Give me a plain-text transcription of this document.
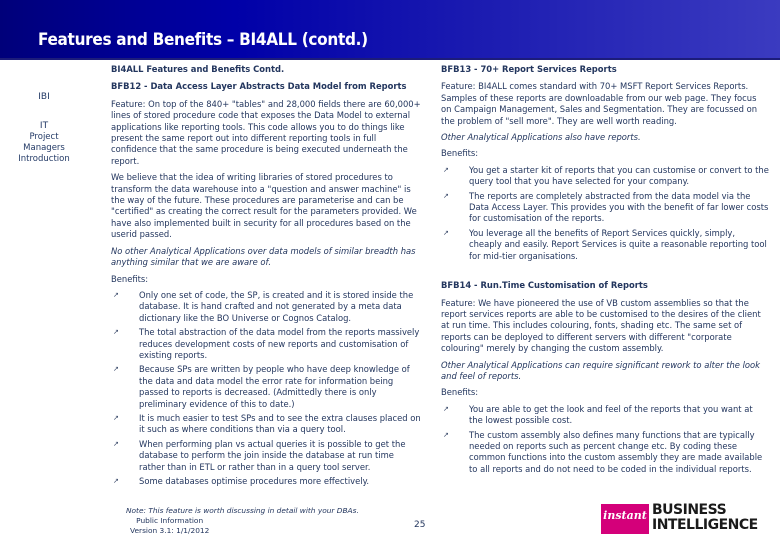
Features and Benefits – BI4ALL (contd.)
IBI
IT
Project
Managers
Introduction
BI4ALL Features and Benefits Contd.
BFB12 - Data Access Layer Abstracts Data Model from Reports
Feature: On top of the 840+ "tables" and 28,000 fields there are 60,000+ lines of stored procedure code that exposes the Data Model to external applications like reporting tools. This code allows you to do things like present the same report out into different reporting tools in full confidence that the same procedure is being executed underneath the report.
We believe that the idea of writing libraries of stored procedures to transform the data warehouse into a "question and answer machine" is the way of the future. These procedures are parameterise and can be "certified" as creating the correct result for the parameters provided. We have also implemented built in security for all procedures based on the userid passed.
No other Analytical Applications over data models of similar breadth has anything similar that we are aware of.
Benefits:
↗ Only one set of code, the SP, is created and it is stored inside the database. It is hand crafted and not generated by a meta data dictionary like the BO Universe or Cognos Catalog.
↗ The total abstraction of the data model from the reports massively reduces development costs of new reports and customisation of existing reports.
↗ Because SPs are written by people who have deep knowledge of the data and data model the error rate for information being passed to reports is decreased. (Admittedly there is only preliminary evidence of this to date.)
↗ It is much easier to test SPs and to see the extra clauses placed on it such as where conditions than via a query tool.
↗ When performing plan vs actual queries it is possible to get the database to perform the join inside the database at run time rather than in ETL or rather than in a query tool server.
↗ Some databases optimise procedures more effectively.
BFB13 - 70+ Report Services Reports
Feature: BI4ALL comes standard with 70+ MSFT Report Services Reports. Samples of these reports are downloadable from our web page. They focus on Campaign Management, Sales and Segmentation. They are focussed on the problem of "sell more". They are well worth reading.
Other Analytical Applications also have reports.
Benefits:
↗ You get a starter kit of reports that you can customise or convert to the query tool that you have selected for your company.
↗ The reports are completely abstracted from the data model via the Data Access Layer. This provides you with the benefit of far lower costs for customisation of the reports.
↗ You leverage all the benefits of Report Services quickly, simply, cheaply and easily. Report Services is quite a reasonable reporting tool for mid-tier organisations.
BFB14 - Run.Time Customisation of Reports
Feature: We have pioneered the use of VB custom assemblies so that the report services reports are able to be customised to the desires of the client at run time. This includes colouring, fonts, shading etc. The same set of reports can be deployed to different servers with different "corporate colouring" merely by changing the custom assembly.
Other Analytical Applications can require significant rework to alter the look and feel of reports.
Benefits:
↗ You are able to get the look and feel of the reports that you want at the lowest possible cost.
↗ The custom assembly also defines many functions that are typically needed on reports such as percent change etc. By coding these common functions into the custom assembly they are made available to all reports and do not need to be coded in the individual reports.
Note: This feature is worth discussing in detail with your DBAs.
Public Information
Version 3.1: 1/1/2012
25
instant BUSINESS
INTELLIGENCE
